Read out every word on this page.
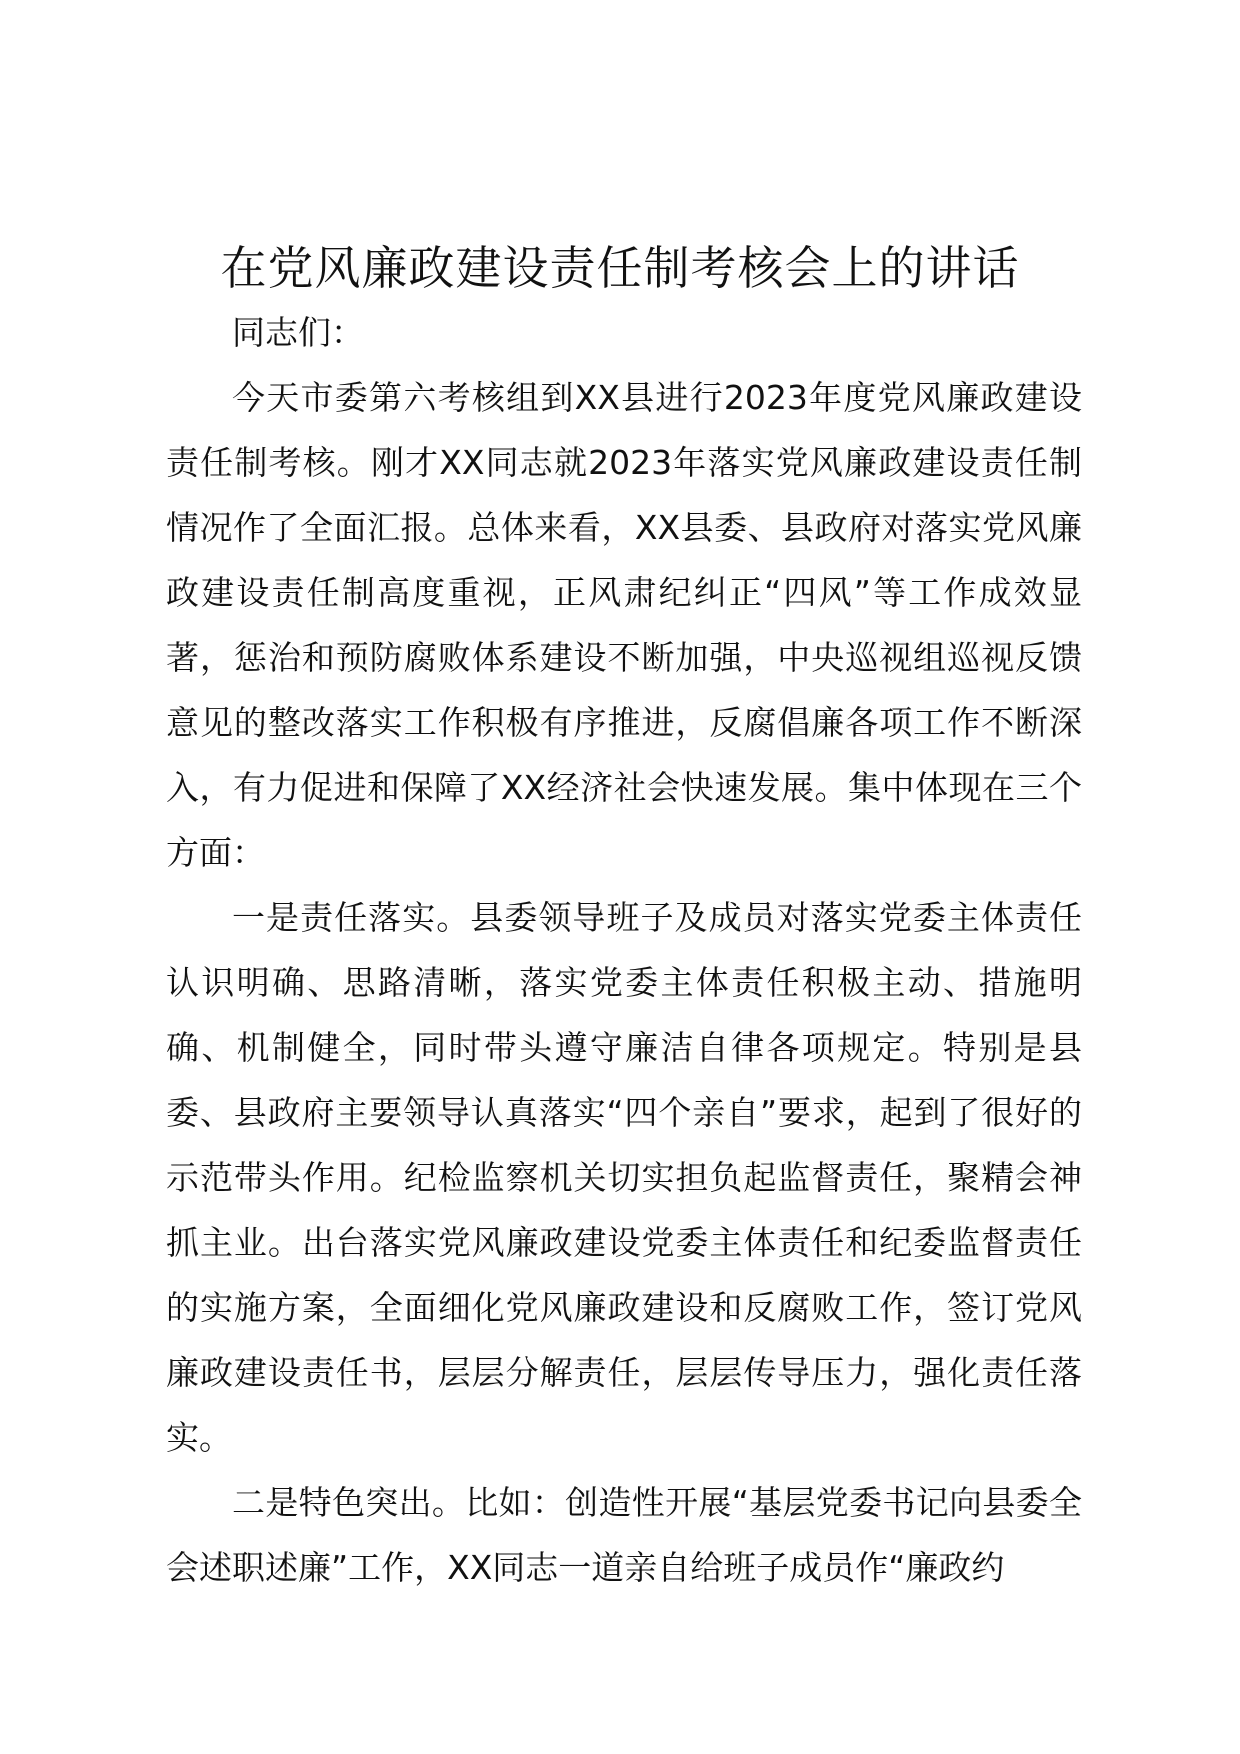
在党风廉政建设责任制考核会上的讲话

同志们：

今天市委第六考核组到XX县进行2023年度党风廉政建设责任制考核。刚才XX同志就2023年落实党风廉政建设责任制情况作了全面汇报。总体来看，XX县委、县政府对落实党风廉政建设责任制高度重视，正风肃纪纠正“四风”等工作成效显著，惩治和预防腐败体系建设不断加强，中央巡视组巡视反馈意见的整改落实工作积极有序推进，反腐倡廉各项工作不断深入，有力促进和保障了XX经济社会快速发展。集中体现在三个方面：

一是责任落实。县委领导班子及成员对落实党委主体责任认识明确、思路清晰，落实党委主体责任积极主动、措施明确、机制健全，同时带头遵守廉洁自律各项规定。特别是县委、县政府主要领导认真落实“四个亲自”要求，起到了很好的示范带头作用。纪检监察机关切实担负起监督责任，聚精会神抓主业。出台落实党风廉政建设党委主体责任和纪委监督责任的实施方案，全面细化党风廉政建设和反腐败工作，签订党风廉政建设责任书，层层分解责任，层层传导压力，强化责任落实。

二是特色突出。比如：创造性开展“基层党委书记向县委全会述职述廉”工作，XX同志一道亲自给班子成员作“廉政约
